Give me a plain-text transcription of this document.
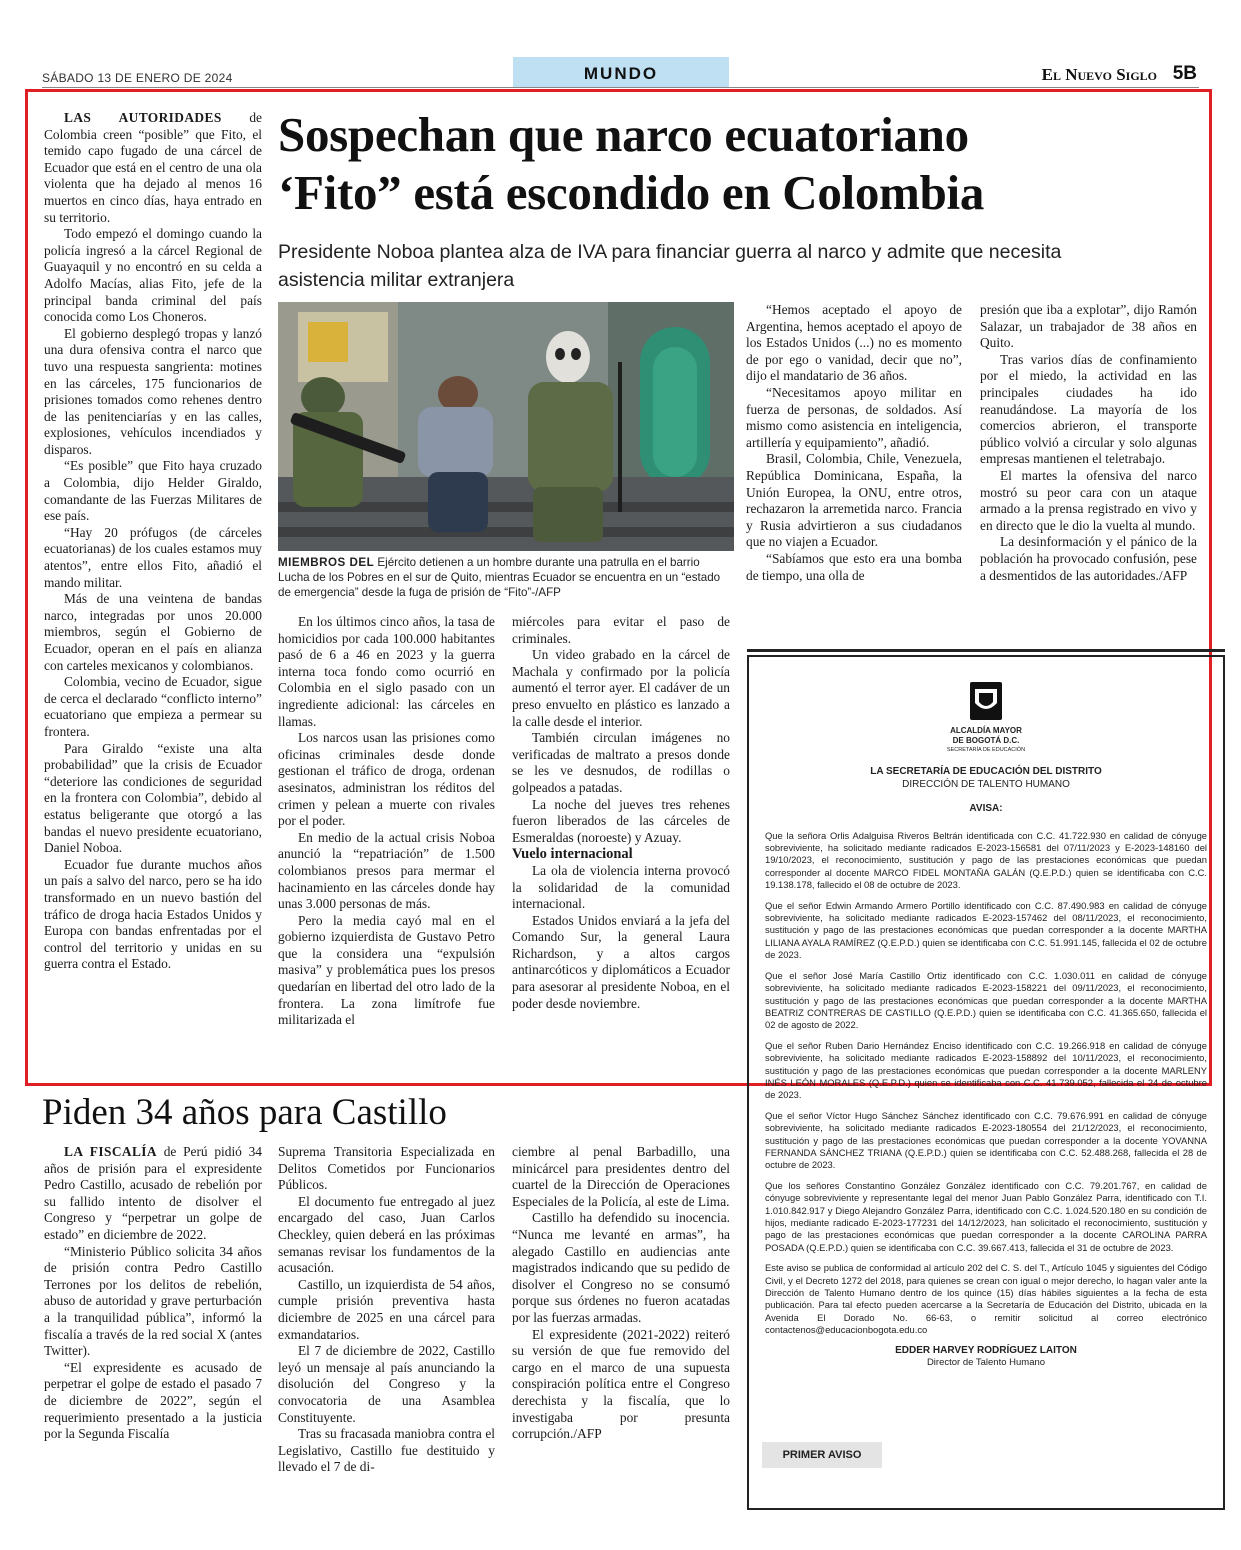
SÁBADO 13 DE ENERO DE 2024	MUNDO	El Nuevo Siglo 5B

LAS AUTORIDADES de Colombia creen “posible” que Fito, el temido capo fugado de una cárcel de Ecuador que está en el centro de una ola violenta que ha dejado al menos 16 muertos en cinco días, haya entrado en su territorio.

Todo empezó el domingo cuando la policía ingresó a la cárcel Regional de Guayaquil y no encontró en su celda a Adolfo Macías, alias Fito, jefe de la principal banda criminal del país conocida como Los Choneros.

El gobierno desplegó tropas y lanzó una dura ofensiva contra el narco que tuvo una respuesta sangrienta: motines en las cárceles, 175 funcionarios de prisiones tomados como rehenes dentro de las penitenciarías y en las calles, explosiones, vehículos incendiados y disparos.

“Es posible” que Fito haya cruzado a Colombia, dijo Helder Giraldo, comandante de las Fuerzas Militares de ese país.

“Hay 20 prófugos (de cárceles ecuatorianas) de los cuales estamos muy atentos”, entre ellos Fito, añadió el mando militar.

Más de una veintena de bandas narco, integradas por unos 20.000 miembros, según el Gobierno de Ecuador, operan en el país en alianza con carteles mexicanos y colombianos.

Colombia, vecino de Ecuador, sigue de cerca el declarado “conflicto interno” ecuatoriano que empieza a permear su frontera.

Para Giraldo “existe una alta probabilidad” que la crisis de Ecuador “deteriore las condiciones de seguridad en la frontera con Colombia”, debido al estatus beligerante que otorgó a las bandas el nuevo presidente ecuatoriano, Daniel Noboa.

Ecuador fue durante muchos años un país a salvo del narco, pero se ha ido transformado en un nuevo bastión del tráfico de droga hacia Estados Unidos y Europa con bandas enfrentadas por el control del territorio y unidas en su guerra contra el Estado.

Sospechan que narco ecuatoriano
‘Fito” está escondido en Colombia
Presidente Noboa plantea alza de IVA para financiar guerra al narco y admite que necesita asistencia militar extranjera
MIEMBROS DEL Ejército detienen a un hombre durante una patrulla en el barrio Lucha de los Pobres en el sur de Quito, mientras Ecuador se encuentra en un “estado de emergencia” desde la fuga de prisión de “Fito”-/AFP

En los últimos cinco años, la tasa de homicidios por cada 100.000 habitantes pasó de 6 a 46 en 2023 y la guerra interna toca fondo como ocurrió en Colombia en el siglo pasado con un ingrediente adicional: las cárceles en llamas.

Los narcos usan las prisiones como oficinas criminales desde donde gestionan el tráfico de droga, ordenan asesinatos, administran los réditos del crimen y pelean a muerte con rivales por el poder.

En medio de la actual crisis Noboa anunció la “repatriación” de 1.500 colombianos presos para mermar el hacinamiento en las cárceles donde hay unas 3.000 personas de más.

Pero la media cayó mal en el gobierno izquierdista de Gustavo Petro que la considera una “expulsión masiva” y problemática pues los presos quedarían en libertad del otro lado de la frontera. La zona limítrofe fue militarizada el

miércoles para evitar el paso de criminales.

Un video grabado en la cárcel de Machala y confirmado por la policía aumentó el terror ayer. El cadáver de un preso envuelto en plástico es lanzado a la calle desde el interior.

También circulan imágenes no verificadas de maltrato a presos donde se les ve desnudos, de rodillas o golpeados a patadas.

La noche del jueves tres rehenes fueron liberados de las cárceles de Esmeraldas (noroeste) y Azuay.

Vuelo internacional

La ola de violencia interna provocó la solidaridad de la comunidad internacional.

Estados Unidos enviará a la jefa del Comando Sur, la general Laura Richardson, y a altos cargos antinarcóticos y diplomáticos a Ecuador para asesorar al presidente Noboa, en el poder desde noviembre.

“Hemos aceptado el apoyo de Argentina, hemos aceptado el apoyo de los Estados Unidos (...) no es momento de por ego o vanidad, decir que no”, dijo el mandatario de 36 años.

“Necesitamos apoyo militar en fuerza de personas, de soldados. Así mismo como asistencia en inteligencia, artillería y equipamiento”, añadió.

Brasil, Colombia, Chile, Venezuela, República Dominicana, España, la Unión Europea, la ONU, entre otros, rechazaron la arremetida narco. Francia y Rusia advirtieron a sus ciudadanos que no viajen a Ecuador.

“Sabíamos que esto era una bomba de tiempo, una olla de

presión que iba a explotar”, dijo Ramón Salazar, un trabajador de 38 años en Quito.

Tras varios días de confinamiento por el miedo, la actividad en las principales ciudades ha ido reanudándose. La mayoría de los comercios abrieron, el transporte público volvió a circular y solo algunas empresas mantienen el teletrabajo.

El martes la ofensiva del narco mostró su peor cara con un ataque armado a la prensa registrado en vivo y en directo que le dio la vuelta al mundo.

La desinformación y el pánico de la población ha provocado confusión, pese a desmentidos de las autoridades./AFP

Piden 34 años para Castillo

LA FISCALÍA de Perú pidió 34 años de prisión para el expresidente Pedro Castillo, acusado de rebelión por su fallido intento de disolver el Congreso y “perpetrar un golpe de estado” en diciembre de 2022.

“Ministerio Público solicita 34 años de prisión contra Pedro Castillo Terrones por los delitos de rebelión, abuso de autoridad y grave perturbación a la tranquilidad pública”, informó la fiscalía a través de la red social X (antes Twitter).

“El expresidente es acusado de perpetrar el golpe de estado el pasado 7 de diciembre de 2022”, según el requerimiento presentado a la justicia por la Segunda Fiscalía

Suprema Transitoria Especializada en Delitos Cometidos por Funcionarios Públicos.

El documento fue entregado al juez encargado del caso, Juan Carlos Checkley, quien deberá en las próximas semanas revisar los fundamentos de la acusación.

Castillo, un izquierdista de 54 años, cumple prisión preventiva hasta diciembre de 2025 en una cárcel para exmandatarios.

El 7 de diciembre de 2022, Castillo leyó un mensaje al país anunciando la disolución del Congreso y la convocatoria de una Asamblea Constituyente.

Tras su fracasada maniobra contra el Legislativo, Castillo fue destituido y llevado el 7 de di-

ciembre al penal Barbadillo, una minicárcel para presidentes dentro del cuartel de la Dirección de Operaciones Especiales de la Policía, al este de Lima.

Castillo ha defendido su inocencia. “Nunca me levanté en armas”, ha alegado Castillo en audiencias ante magistrados indicando que su pedido de disolver el Congreso no se consumó porque sus órdenes no fueron acatadas por las fuerzas armadas.

El expresidente (2021-2022) reiteró su versión de que fue removido del cargo en el marco de una supuesta conspiración política entre el Congreso derechista y la fiscalía, que lo investigaba por presunta corrupción./AFP

ALCALDÍA MAYOR
DE BOGOTÁ D.C.
SECRETARÍA DE EDUCACIÓN
LA SECRETARÍA DE EDUCACIÓN DEL DISTRITO
DIRECCIÓN DE TALENTO HUMANO
AVISA:

Que la señora Orlis Adalguisa Riveros Beltrán identificada con C.C. 41.722.930 en calidad de cónyuge sobreviviente, ha solicitado mediante radicados E-2023-156581 del 07/11/2023 y E-2023-148160 del 19/10/2023, el reconocimiento, sustitución y pago de las prestaciones económicas que puedan corresponder al docente MARCO FIDEL MONTAÑA GALÁN (Q.E.P.D.) quien se identificaba con C.C. 19.138.178, fallecido el 08 de octubre de 2023.

Que el señor Edwin Armando Armero Portillo identificado con C.C. 87.490.983 en calidad de cónyuge sobreviviente, ha solicitado mediante radicados E-2023-157462 del 08/11/2023, el reconocimiento, sustitución y pago de las prestaciones económicas que puedan corresponder a la docente MARTHA LILIANA AYALA RAMÍREZ (Q.E.P.D.) quien se identificaba con C.C. 51.991.145, fallecida el 02 de octubre de 2023.

Que el señor José María Castillo Ortiz identificado con C.C. 1.030.011 en calidad de cónyuge sobreviviente, ha solicitado mediante radicados E-2023-158221 del 09/11/2023, el reconocimiento, sustitución y pago de las prestaciones económicas que puedan corresponder a la docente MARTHA BEATRIZ CONTRERAS DE CASTILLO (Q.E.P.D.) quien se identificaba con C.C. 41.365.650, fallecida el 02 de agosto de 2022.

Que el señor Ruben Dario Hernández Enciso identificado con C.C. 19.266.918 en calidad de cónyuge sobreviviente, ha solicitado mediante radicados E-2023-158892 del 10/11/2023, el reconocimiento, sustitución y pago de las prestaciones económicas que puedan corresponder a la docente MARLENY INÉS LEÓN MORALES (Q.E.P.D.) quien se identificaba con C.C. 41.739.052, fallecida el 24 de octubre de 2023.

Que el señor Víctor Hugo Sánchez Sánchez identificado con C.C. 79.676.991 en calidad de cónyuge sobreviviente, ha solicitado mediante radicados E-2023-180554 del 21/12/2023, el reconocimiento, sustitución y pago de las prestaciones económicas que puedan corresponder a la docente YOVANNA FERNANDA SÁNCHEZ TRIANA (Q.E.P.D.) quien se identificaba con C.C. 52.488.268, fallecida el 28 de octubre de 2023.

Que los señores Constantino González González identificado con C.C. 79.201.767, en calidad de cónyuge sobreviviente y representante legal del menor Juan Pablo González Parra, identificado con T.I. 1.010.842.917 y Diego Alejandro González Parra, identificado con C.C. 1.024.520.180 en su condición de hijos, mediante radicado E-2023-177231 del 14/12/2023, han solicitado el reconocimiento, sustitución y pago de las prestaciones económicas que puedan corresponder a la docente CAROLINA PARRA POSADA (Q.E.P.D.) quien se identificaba con C.C. 39.667.413, fallecida el 31 de octubre de 2023.

Este aviso se publica de conformidad al artículo 202 del C. S. del T., Artículo 1045 y siguientes del Código Civil, y el Decreto 1272 del 2018, para quienes se crean con igual o mejor derecho, lo hagan valer ante la Dirección de Talento Humano dentro de los quince (15) días hábiles siguientes a la fecha de esta publicación. Para tal efecto pueden acercarse a la Secretaría de Educación del Distrito, ubicada en la Avenida El Dorado No. 66-63, o remitir solicitud al correo electrónico contactenos@educacionbogota.edu.co

EDDER HARVEY RODRÍGUEZ LAITON
Director de Talento Humano
PRIMER AVISO
